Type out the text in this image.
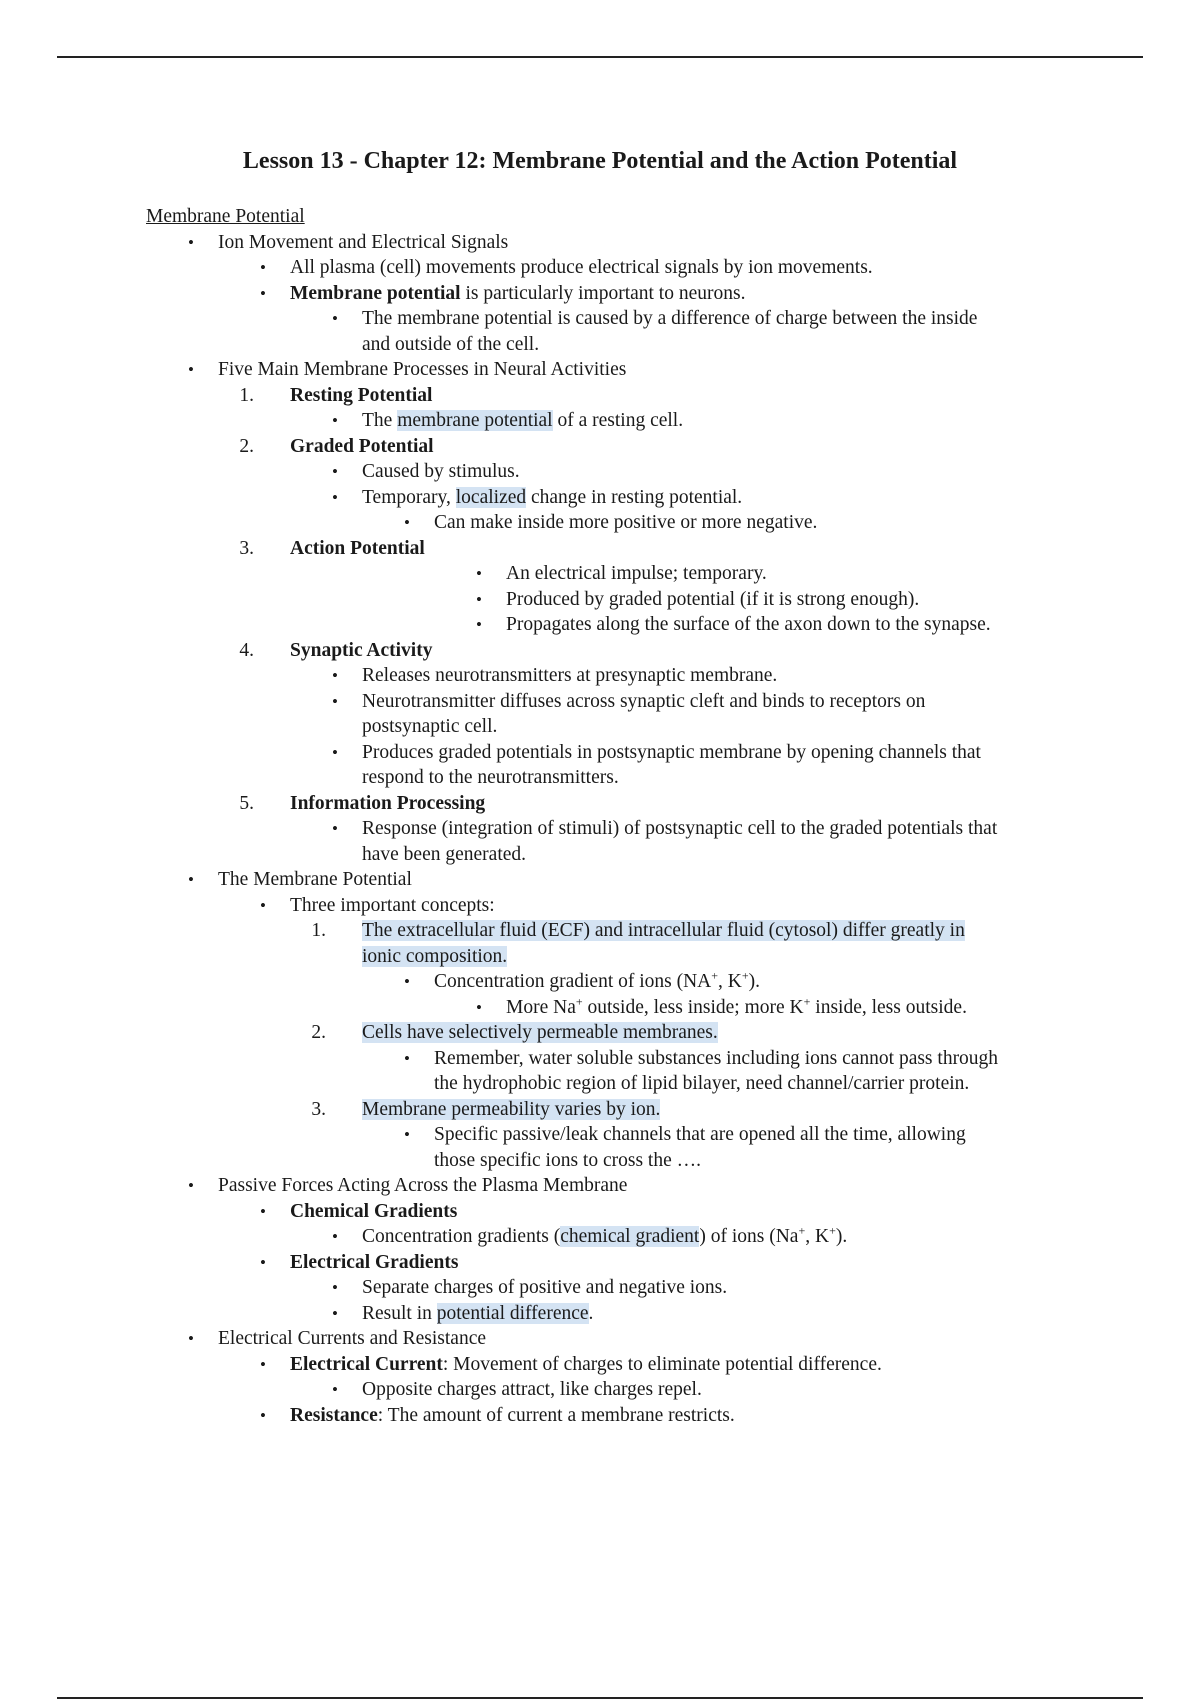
Lesson 13 - Chapter 12: Membrane Potential and the Action Potential
Membrane Potential
• Ion Movement and Electrical Signals
• All plasma (cell) movements produce electrical signals by ion movements.
• Membrane potential is particularly important to neurons.
• The membrane potential is caused by a difference of charge between the inside
and outside of the cell.
• Five Main Membrane Processes in Neural Activities
1. Resting Potential
• The membrane potential of a resting cell.
2. Graded Potential
• Caused by stimulus.
• Temporary, localized change in resting potential.
• Can make inside more positive or more negative.
3. Action Potential
• An electrical impulse; temporary.
• Produced by graded potential (if it is strong enough).
• Propagates along the surface of the axon down to the synapse.
4. Synaptic Activity
• Releases neurotransmitters at presynaptic membrane.
• Neurotransmitter diffuses across synaptic cleft and binds to receptors on
postsynaptic cell.
• Produces graded potentials in postsynaptic membrane by opening channels that
respond to the neurotransmitters.
5. Information Processing
• Response (integration of stimuli) of postsynaptic cell to the graded potentials that
have been generated.
• The Membrane Potential
• Three important concepts:
1. The extracellular fluid (ECF) and intracellular fluid (cytosol) differ greatly in
ionic composition.
• Concentration gradient of ions (NA+, K+).
• More Na+ outside, less inside; more K+ inside, less outside.
2. Cells have selectively permeable membranes.
• Remember, water soluble substances including ions cannot pass through
the hydrophobic region of lipid bilayer, need channel/carrier protein.
3. Membrane permeability varies by ion.
• Specific passive/leak channels that are opened all the time, allowing
those specific ions to cross the ….
• Passive Forces Acting Across the Plasma Membrane
• Chemical Gradients
• Concentration gradients (chemical gradient) of ions (Na+, K+).
• Electrical Gradients
• Separate charges of positive and negative ions.
• Result in potential difference.
• Electrical Currents and Resistance
• Electrical Current: Movement of charges to eliminate potential difference.
• Opposite charges attract, like charges repel.
• Resistance: The amount of current a membrane restricts.
